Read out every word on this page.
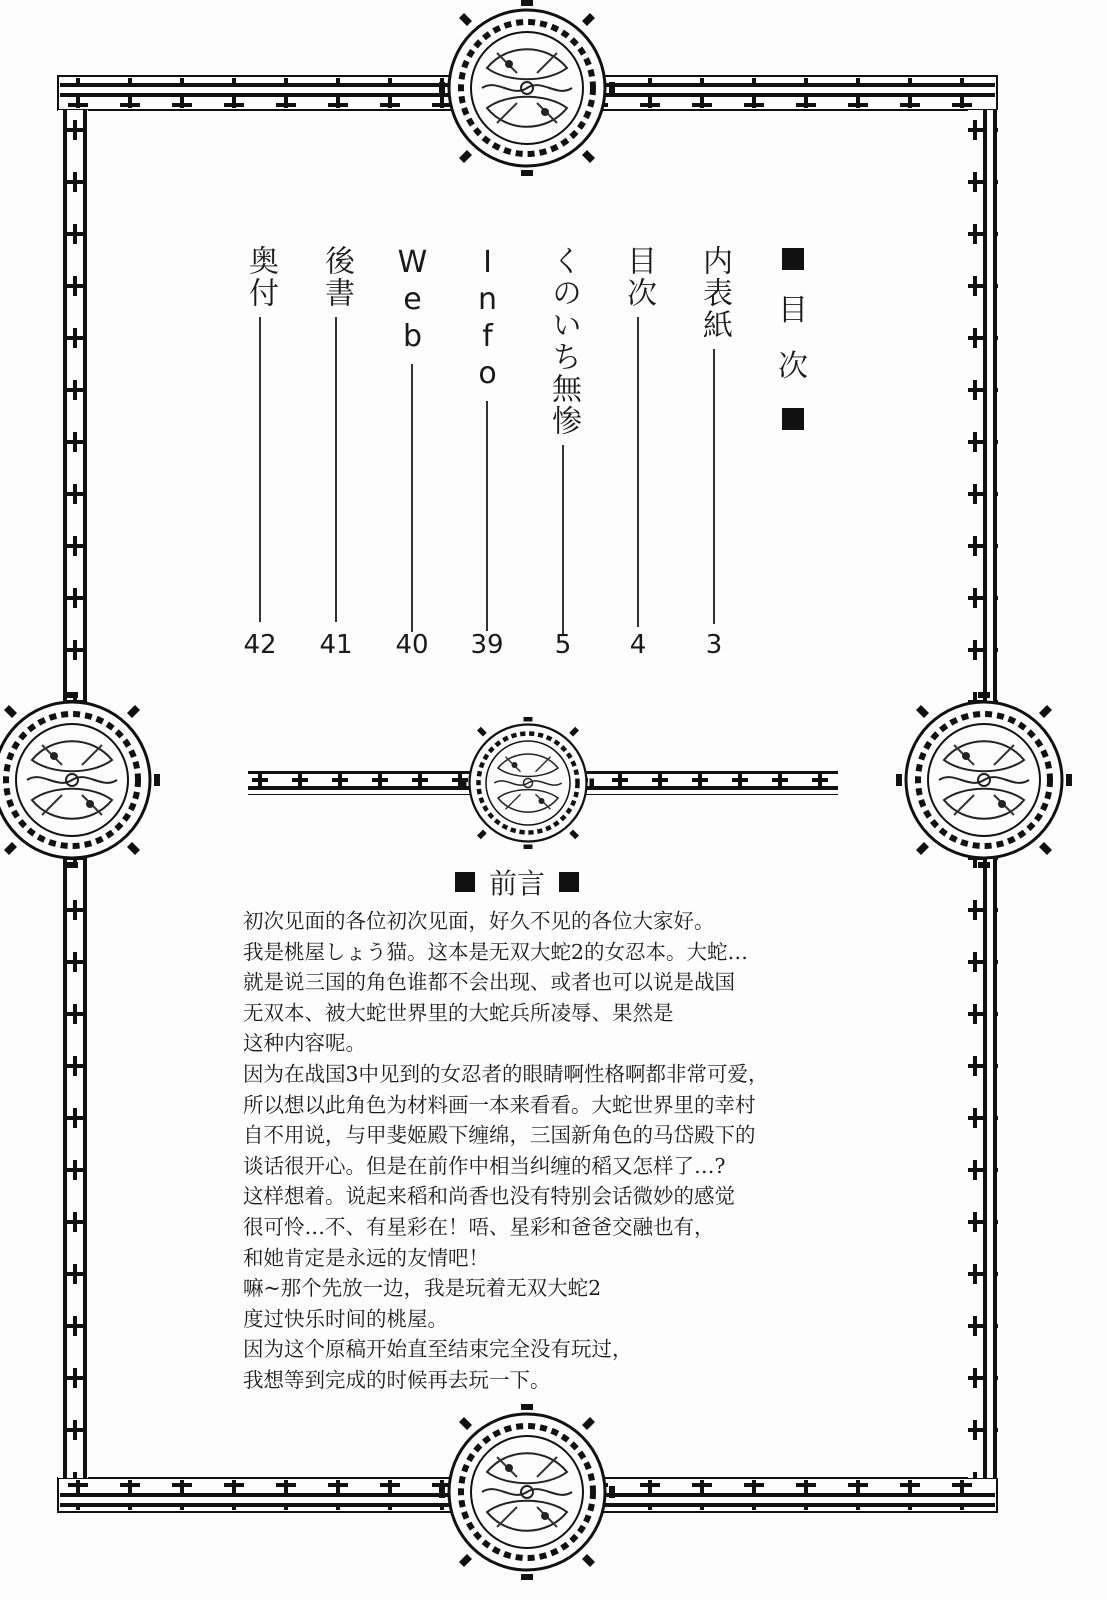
目
次
内表紙
3
目次
4
くのいち無惨
5
Info
39
Web
40
後書
41
奥付
42
前言
初次见面的各位初次见面，好久不见的各位大家好。
我是桃屋しょう猫。这本是无双大蛇2的女忍本。大蛇…
就是说三国的角色谁都不会出现、或者也可以说是战国
无双本、被大蛇世界里的大蛇兵所凌辱、果然是
这种内容呢。
因为在战国3中见到的女忍者的眼睛啊性格啊都非常可爱，
所以想以此角色为材料画一本来看看。大蛇世界里的幸村
自不用说，与甲斐姬殿下缠绵，三国新角色的马岱殿下的
谈话很开心。但是在前作中相当纠缠的稻又怎样了…?
这样想着。说起来稻和尚香也没有特别会话微妙的感觉
很可怜…不、有星彩在！唔、星彩和爸爸交融也有，
和她肯定是永远的友情吧！
嘛~那个先放一边，我是玩着无双大蛇2
度过快乐时间的桃屋。
因为这个原稿开始直至结束完全没有玩过，
我想等到完成的时候再去玩一下。
